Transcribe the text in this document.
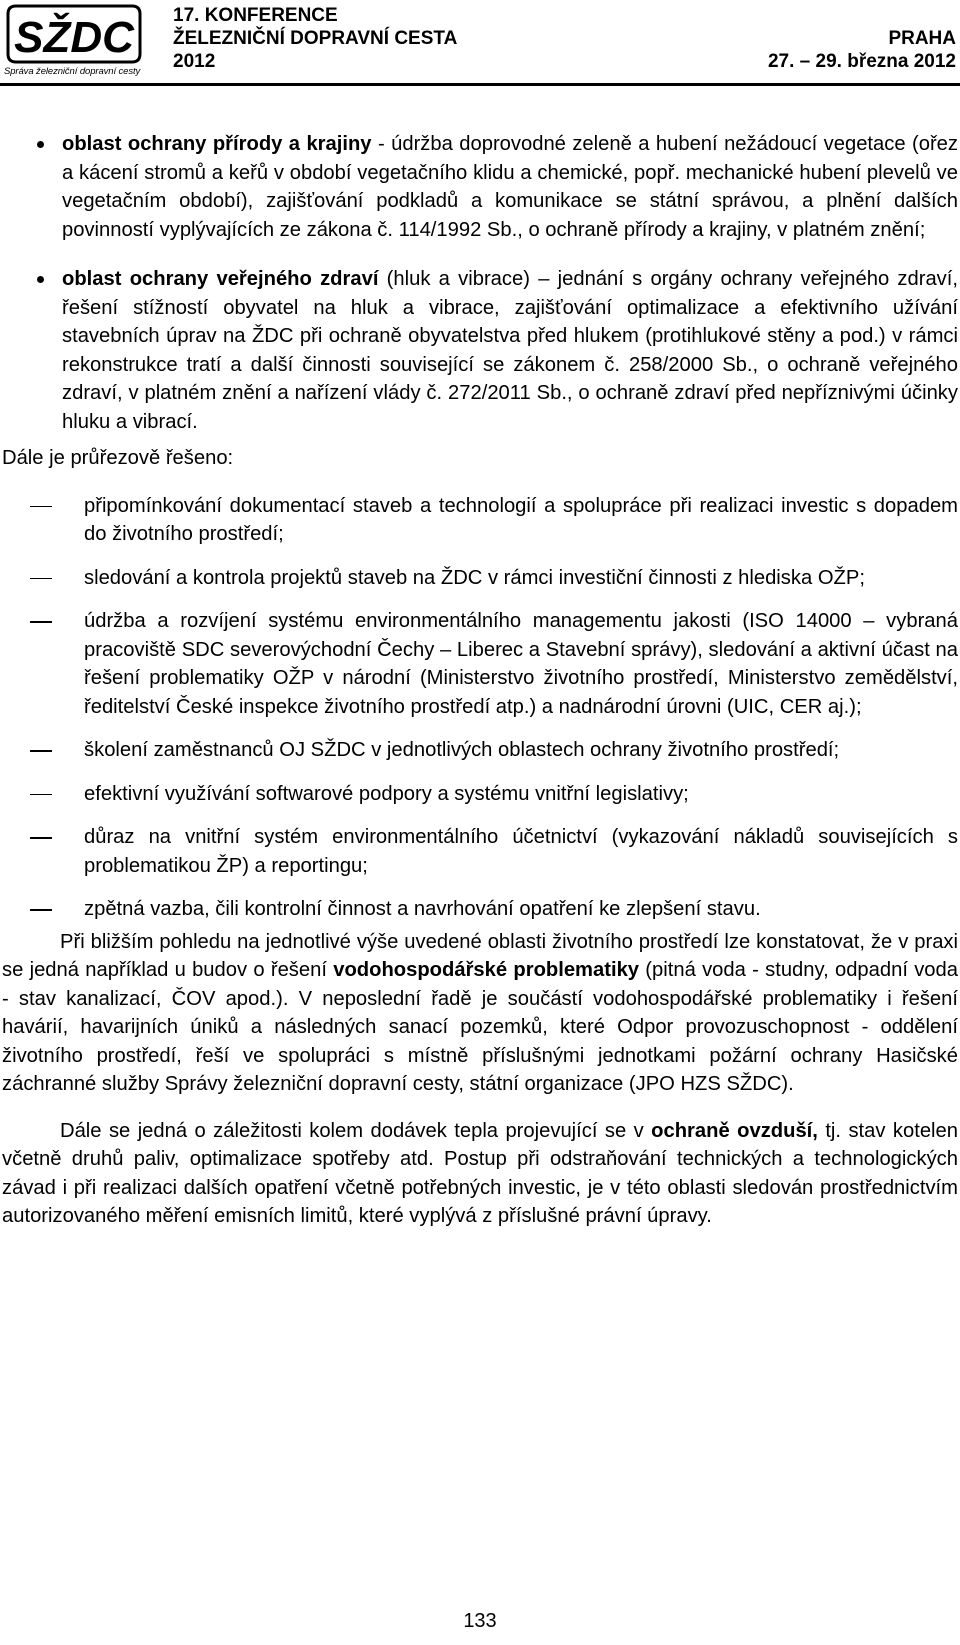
SŽDC
Správa železniční dopravní cesty
17. KONFERENCE
ŽELEZNIČNÍ DOPRAVNÍ CESTA
2012
PRAHA
27. – 29. března 2012
oblast ochrany přírody a krajiny - údržba doprovodné zeleně a hubení nežádoucí vegetace (ořez a kácení stromů a keřů v období vegetačního klidu a chemické, popř. mechanické hubení plevelů ve vegetačním období), zajišťování podkladů a komunikace se státní správou, a plnění dalších povinností vyplývajících ze zákona č. 114/1992 Sb., o ochraně přírody a krajiny, v platném znění;
oblast ochrany veřejného zdraví (hluk a vibrace) – jednání s orgány ochrany veřejného zdraví, řešení stížností obyvatel na hluk a vibrace, zajišťování optimalizace a efektivního užívání stavebních úprav na ŽDC při ochraně obyvatelstva před hlukem (protihlukové stěny a pod.) v rámci rekonstrukce tratí a další činnosti související se zákonem č. 258/2000 Sb., o ochraně veřejného zdraví, v platném znění a nařízení vlády č. 272/2011 Sb., o ochraně zdraví před nepříznivými účinky hluku a vibrací.

Dále je průřezově řešeno:

připomínkování dokumentací staveb a technologií a spolupráce při realizaci investic s dopadem do životního prostředí;
sledování a kontrola projektů staveb na ŽDC v rámci investiční činnosti z hlediska OŽP;
údržba a rozvíjení systému environmentálního managementu jakosti (ISO 14000 – vybraná pracoviště SDC severovýchodní Čechy – Liberec a Stavební správy), sledování a aktivní účast na řešení problematiky OŽP v národní (Ministerstvo životního prostředí, Ministerstvo zemědělství, ředitelství České inspekce životního prostředí atp.) a nadnárodní úrovni (UIC, CER aj.);
školení zaměstnanců OJ SŽDC v jednotlivých oblastech ochrany životního prostředí;
efektivní využívání softwarové podpory a systému vnitřní legislativy;
důraz na vnitřní systém environmentálního účetnictví (vykazování nákladů souvisejících s problematikou ŽP) a reportingu;
zpětná vazba, čili kontrolní činnost a navrhování opatření ke zlepšení stavu.

Při bližším pohledu na jednotlivé výše uvedené oblasti životního prostředí lze konstatovat, že v praxi se jedná například u budov o řešení vodohospodářské problematiky (pitná voda - studny, odpadní voda - stav kanalizací, ČOV apod.). V neposlední řadě je součástí vodohospodářské problematiky i řešení havárií, havarijních úniků a následných sanací pozemků, které Odpor provozuschopnost - oddělení životního prostředí, řeší ve spolupráci s místně příslušnými jednotkami požární ochrany Hasičské záchranné služby Správy železniční dopravní cesty, státní organizace (JPO HZS SŽDC).

Dále se jedná o záležitosti kolem dodávek tepla projevující se v ochraně ovzduší, tj. stav kotelen včetně druhů paliv, optimalizace spotřeby atd. Postup při odstraňování technických a technologických závad i při realizaci dalších opatření včetně potřebných investic, je v této oblasti sledován prostřednictvím autorizovaného měření emisních limitů, které vyplývá z příslušné právní úpravy.

133
